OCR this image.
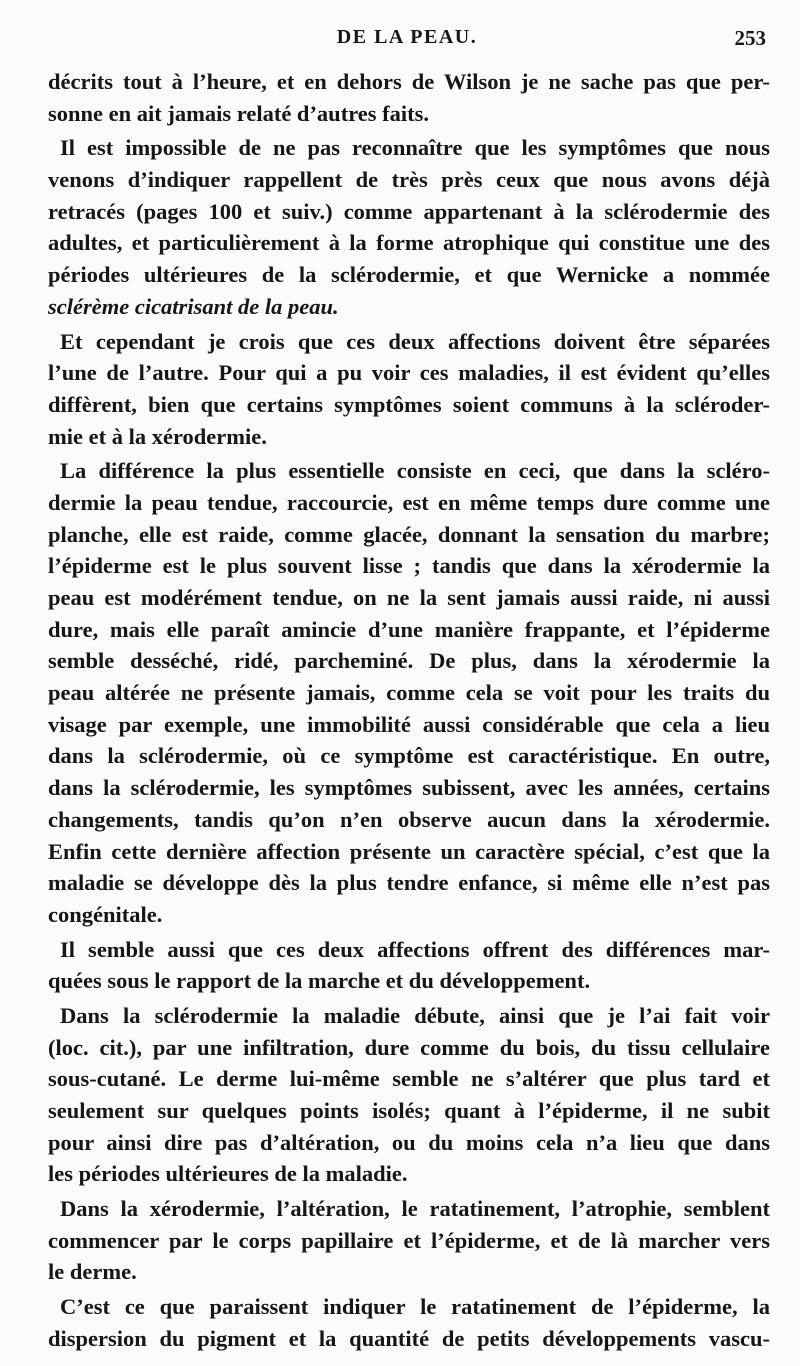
DE LA PEAU.	253
décrits tout à l’heure, et en dehors de Wilson je ne sache pas que per-
sonne en ait jamais relaté d’autres faits.
Il est impossible de ne pas reconnaître que les symptômes que nous
venons d’indiquer rappellent de très près ceux que nous avons déjà
retracés (pages 100 et suiv.) comme appartenant à la sclérodermie des
adultes, et particulièrement à la forme atrophique qui constitue une des
périodes ultérieures de la sclérodermie, et que Wernicke a nommée
sclérème cicatrisant de la peau.
Et cependant je crois que ces deux affections doivent être séparées
l’une de l’autre. Pour qui a pu voir ces maladies, il est évident qu’elles
diffèrent, bien que certains symptômes soient communs à la scléroder-
mie et à la xérodermie.
La différence la plus essentielle consiste en ceci, que dans la scléro-
dermie la peau tendue, raccourcie, est en même temps dure comme une
planche, elle est raide, comme glacée, donnant la sensation du marbre;
l’épiderme est le plus souvent lisse ; tandis que dans la xérodermie la
peau est modérément tendue, on ne la sent jamais aussi raide, ni aussi
dure, mais elle paraît amincie d’une manière frappante, et l’épiderme
semble desséché, ridé, parcheminé. De plus, dans la xérodermie la
peau altérée ne présente jamais, comme cela se voit pour les traits du
visage par exemple, une immobilité aussi considérable que cela a lieu
dans la sclérodermie, où ce symptôme est caractéristique. En outre,
dans la sclérodermie, les symptômes subissent, avec les années, certains
changements, tandis qu’on n’en observe aucun dans la xérodermie.
Enfin cette dernière affection présente un caractère spécial, c’est que la
maladie se développe dès la plus tendre enfance, si même elle n’est pas
congénitale.
Il semble aussi que ces deux affections offrent des différences mar-
quées sous le rapport de la marche et du développement.
Dans la sclérodermie la maladie débute, ainsi que je l’ai fait voir
(loc. cit.), par une infiltration, dure comme du bois, du tissu cellulaire
sous-cutané. Le derme lui-même semble ne s’altérer que plus tard et
seulement sur quelques points isolés; quant à l’épiderme, il ne subit
pour ainsi dire pas d’altération, ou du moins cela n’a lieu que dans
les périodes ultérieures de la maladie.
Dans la xérodermie, l’altération, le ratatinement, l’atrophie, semblent
commencer par le corps papillaire et l’épiderme, et de là marcher vers
le derme.
C’est ce que paraissent indiquer le ratatinement de l’épiderme, la
dispersion du pigment et la quantité de petits développements vascu-
